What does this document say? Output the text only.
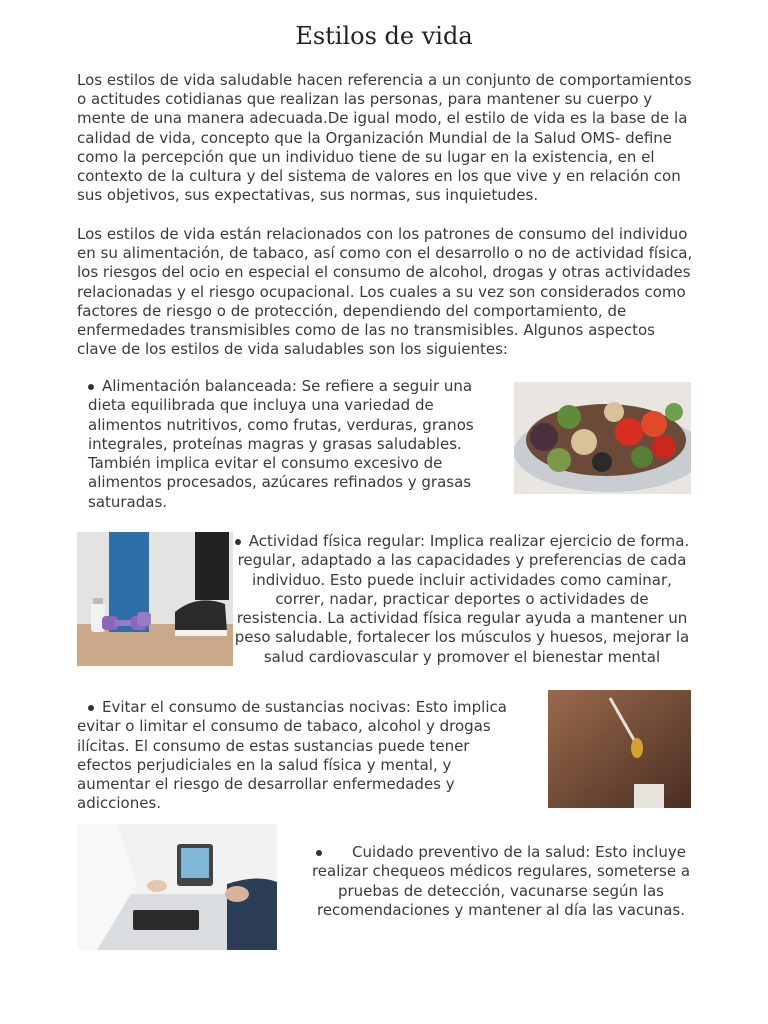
Estilos de vida

Los estilos de vida saludable hacen referencia a un conjunto de comportamientos o actitudes cotidianas que realizan las personas, para mantener su cuerpo y mente de una manera adecuada.De igual modo, el estilo de vida es la base de la calidad de vida, concepto que la Organización Mundial de la Salud OMS- define como la percepción que un individuo tiene de su lugar en la existencia, en el contexto de la cultura y del sistema de valores en los que vive y en relación con sus objetivos, sus expectativas, sus normas, sus inquietudes.

Los estilos de vida están relacionados con los patrones de consumo del individuo en su alimentación, de tabaco, así como con el desarrollo o no de actividad física, los riesgos del ocio en especial el consumo de alcohol, drogas y otras actividades relacionadas y el riesgo ocupacional. Los cuales a su vez son considerados como factores de riesgo o de protección, dependiendo del comportamiento, de enfermedades transmisibles como de las no transmisibles. Algunos aspectos clave de los estilos de vida saludables son los siguientes:

Alimentación balanceada: Se refiere a seguir una dieta equilibrada que incluya una variedad de alimentos nutritivos, como frutas, verduras, granos integrales, proteínas magras y grasas saludables. También implica evitar el consumo excesivo de alimentos procesados, azúcares refinados y grasas saturadas.

Actividad física regular: Implica realizar ejercicio de forma. regular, adaptado a las capacidades y preferencias de cada individuo. Esto puede incluir actividades como caminar, correr, nadar, practicar deportes o actividades de resistencia. La actividad física regular ayuda a mantener un peso saludable, fortalecer los músculos y huesos, mejorar la salud cardiovascular y promover el bienestar mental

Evitar el consumo de sustancias nocivas: Esto implica evitar o limitar el consumo de tabaco, alcohol y drogas ilícitas. El consumo de estas sustancias puede tener efectos perjudiciales en la salud física y mental, y aumentar el riesgo de desarrollar enfermedades y adicciones.

Cuidado preventivo de la salud: Esto incluye realizar chequeos médicos regulares, someterse a pruebas de detección, vacunarse según las recomendaciones y mantener al día las vacunas.
